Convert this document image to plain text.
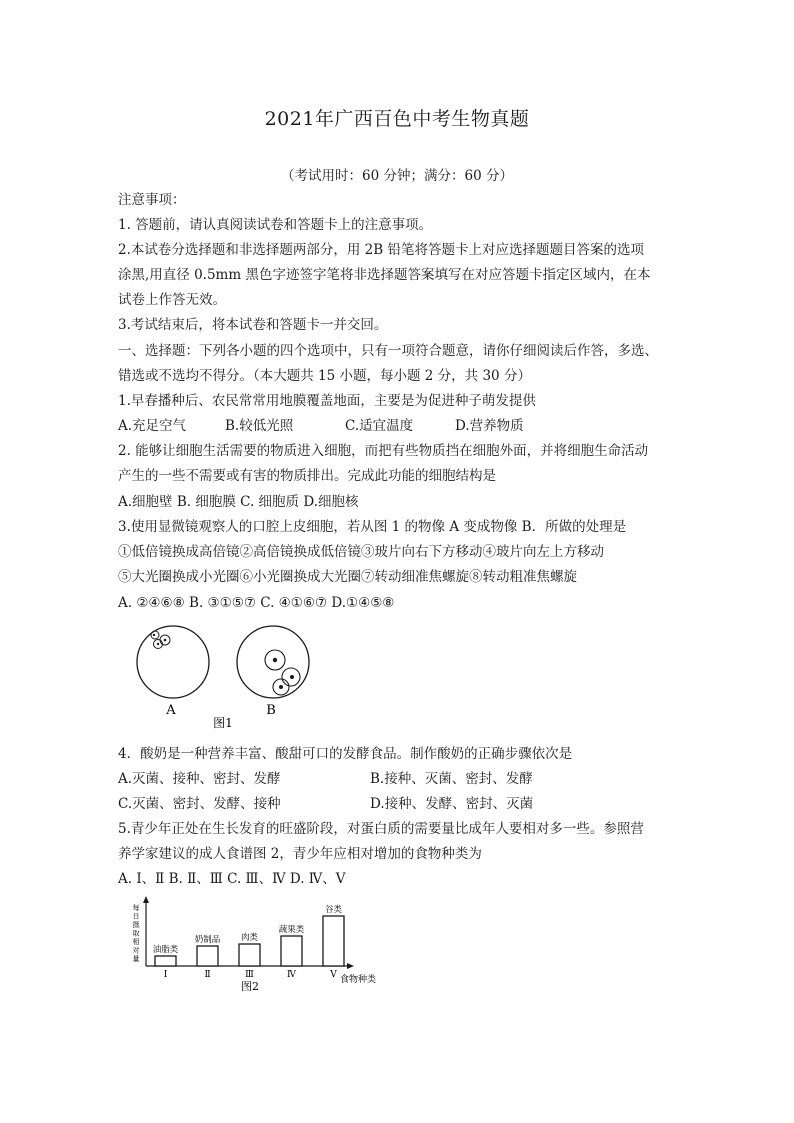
2021年广西百色中考生物真题
（考试用时：60 分钟；满分：60 分）
注意事项：
1. 答题前，请认真阅读试卷和答题卡上的注意事项。
2.本试卷分选择题和非选择题两部分，用 2B 铅笔将答题卡上对应选择题题目答案的选项
涂黑,用直径 0.5mm 黑色字迹签字笔将非选择题答案填写在对应答题卡指定区域内，在本
试卷上作答无效。
3.考试结束后，将本试卷和答题卡一并交回。
一、选择题：下列各小题的四个选项中，只有一项符合题意，请你仔细阅读后作答，多选、
错选或不选均不得分。（本大题共 15 小题，每小题 2 分，共 30 分）
1.早春播种后、农民常常用地膜覆盖地面，主要是为促进种子萌发提供
A.充足空气	B.较低光照	C.适宜温度	D.营养物质
2. 能够让细胞生活需要的物质进入细胞，而把有些物质挡在细胞外面，并将细胞生命活动
产生的一些不需要或有害的物质排出。完成此功能的细胞结构是
A.细胞壁 B. 细胞膜 C. 细胞质 D.细胞核
3.使用显微镜观察人的口腔上皮细胞，若从图 1 的物像 A 变成物像 B．所做的处理是
①低倍镜换成高倍镜②高倍镜换成低倍镜③玻片向右下方移动④玻片向左上方移动
⑤大光圈换成小光圈⑥小光圈换成大光圈⑦转动细准焦螺旋⑧转动粗准焦螺旋
A. ②④⑥⑧ B. ③①⑤⑦ C. ④①⑥⑦ D.①④⑤⑧
A	B
图1
4．酸奶是一种营养丰富、酸甜可口的发酵食品。制作酸奶的正确步骤依次是
A.灭菌、接种、密封、发酵	B.接种、灭菌、密封、发酵
C.灭菌、密封、发酵、接种	D.接种、发酵、密封、灭菌
5.青少年正处在生长发育的旺盛阶段，对蛋白质的需要量比成年人要相对多一些。参照营
养学家建议的成人食谱图 2，青少年应相对增加的食物种类为
A. Ⅰ、Ⅱ B. Ⅱ、Ⅲ C. Ⅲ、Ⅳ D. Ⅳ、Ⅴ
每日摄取相对量
油脂类
Ⅰ
奶制品
Ⅱ
肉类
Ⅲ
蔬果类
Ⅳ
谷类
Ⅴ 食物种类
图2
